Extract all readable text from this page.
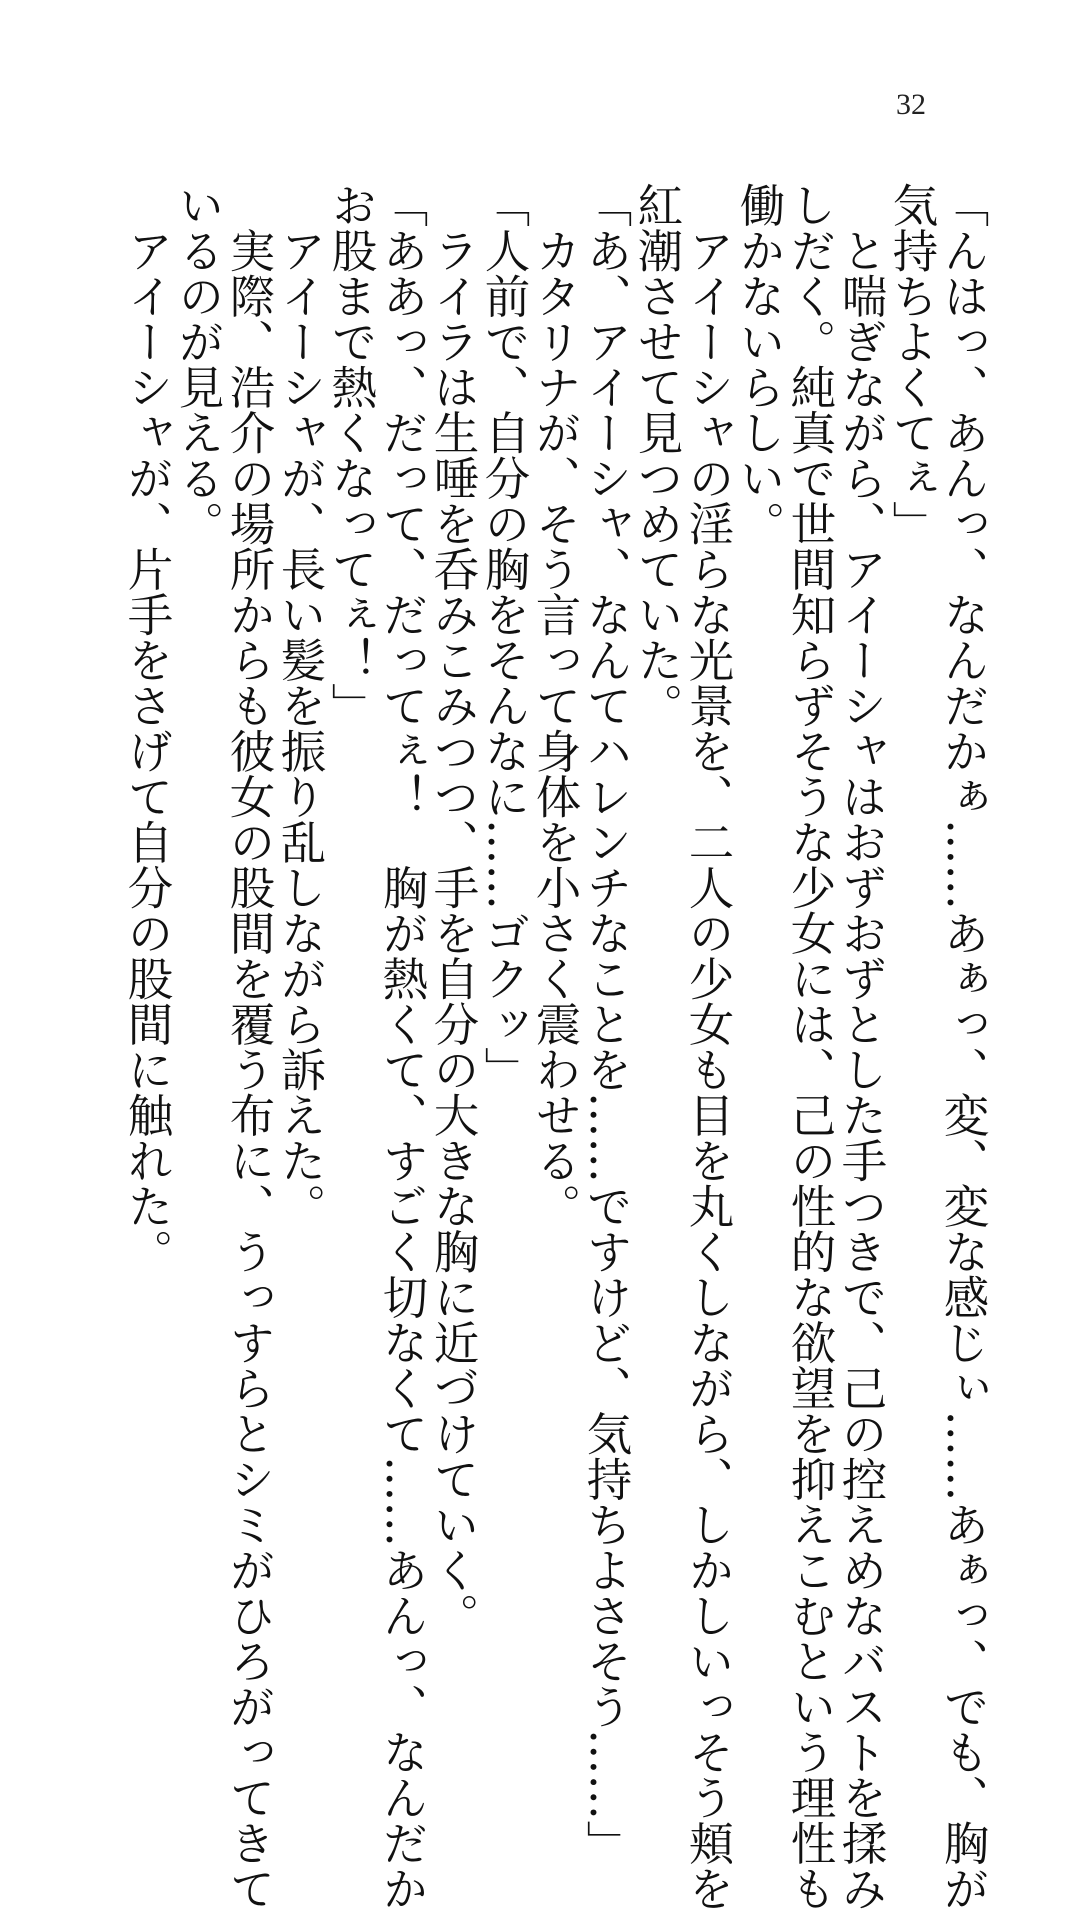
32

「んはっ、あんっ、なんだかぁ……あぁっ、変、変な感じぃ……あぁっ、でも、胸が

気持ちよくてぇ」

　と喘ぎながら、アイーシャはおずおずとした手つきで、己の控えめなバストを揉み

しだく。純真で世間知らずそうな少女には、己の性的な欲望を抑えこむという理性も

働かないらしい。

　アイーシャの淫らな光景を、二人の少女も目を丸くしながら、しかしいっそう頬を

紅潮させて見つめていた。

「あ、アイーシャ、なんてハレンチなことを……ですけど、気持ちよさそう……」

　カタリナが、そう言って身体を小さく震わせる。

「人前で、自分の胸をそんなに……ゴクッ」

　ライラは生唾を呑みこみつつ、手を自分の大きな胸に近づけていく。

「ああっ、だって、だってぇ！　胸が熱くて、すごく切なくて……あんっ、なんだか

お股まで熱くなってぇ！」

　アイーシャが、長い髪を振り乱しながら訴えた。

　実際、浩介の場所からも彼女の股間を覆う布に、うっすらとシミがひろがってきて

いるのが見える。

　アイーシャが、片手をさげて自分の股間に触れた。
